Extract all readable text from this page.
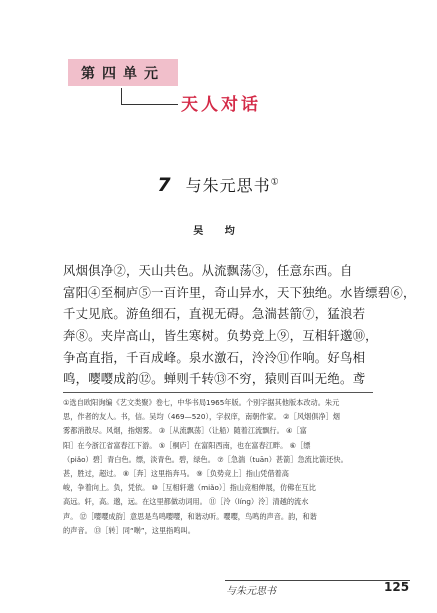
第四单元
天人对话
7 与朱元思书①
吴 均
风烟俱净②，天山共色。从流飘荡③，任意东西。自
富阳④至桐庐⑤一百许里，奇山异水，天下独绝。水皆缥碧⑥，
千丈见底。游鱼细石，直视无碍。急湍甚箭⑦，猛浪若
奔⑧。夹岸高山，皆生寒树。负势竞上⑨，互相轩邈⑩，
争高直指，千百成峰。泉水激石，泠泠⑪作响。好鸟相
鸣，嘤嘤成韵⑫。蝉则千转⑬不穷，猿则百叫无绝。鸢
①选自欧阳询编《艺文类聚》卷七，中华书局1965年版。个别字据其他版本改动。朱元
思，作者的友人。书，信。吴均（469—520），字叔庠，南朝作家。 ②［风烟俱净］烟
雾都消散尽。风烟，指烟雾。 ③［从流飘荡］（让船）随着江流飘行。 ④［富
阳］在今浙江省富春江下游。 ⑤［桐庐］在富阳西南，也在富春江畔。 ⑥［缥
（piǎo）碧］青白色。缥，淡青色。碧，绿色。 ⑦［急湍（tuān）甚箭］急流比箭还快。
甚，胜过，超过。 ⑧［奔］这里指奔马。 ⑨［负势竞上］指山凭借着高
峻，争着向上。负，凭依。 ⑩［互相轩邈（miǎo）］指山竞相伸展，仿佛在互比
高远。轩，高。邈，远。在这里都做动词用。 ⑪［泠（líng）泠］清越的流水
声。 ⑫［嘤嘤成韵］意思是鸟鸣嘤嘤，和谐动听。嘤嘤，鸟鸣的声音。韵，和谐
的声音。 ⑬［转］同“啭”，这里指鸣叫。
与朱元思书	125
